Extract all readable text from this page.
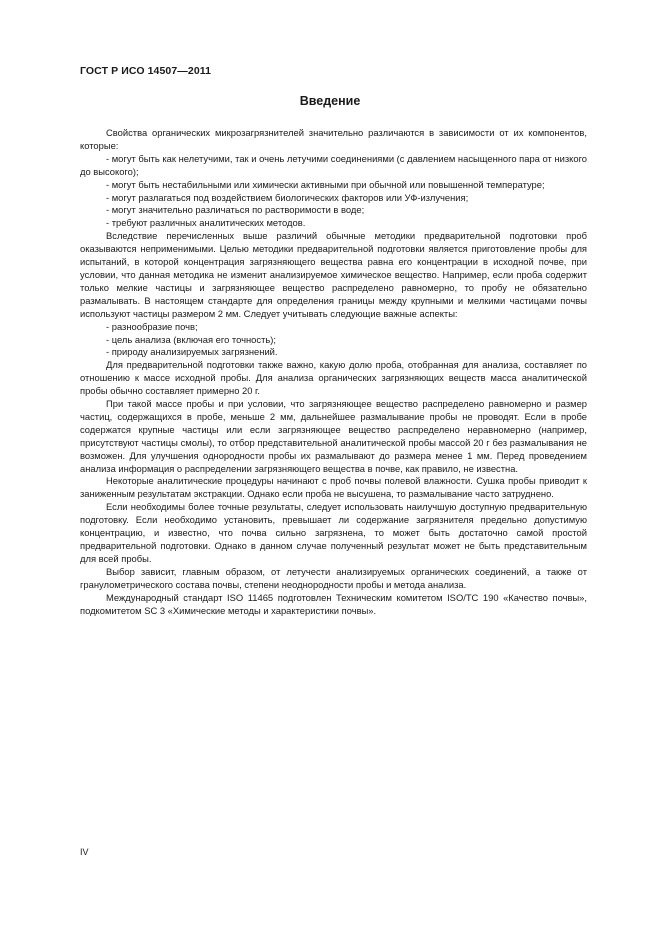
ГОСТ Р ИСО 14507—2011
Введение

Свойства органических микрозагрязнителей значительно различаются в зависимости от их компонентов, которые:

- могут быть как нелетучими, так и очень летучими соединениями (с давлением насыщенного пара от низкого до высокого);
- могут быть нестабильными или химически активными при обычной или повышенной температуре;
- могут разлагаться под воздействием биологических факторов или УФ-излучения;
- могут значительно различаться по растворимости в воде;
- требуют различных аналитических методов.

Вследствие перечисленных выше различий обычные методики предварительной подготовки проб оказываются неприменимыми. Целью методики предварительной подготовки является приготовление пробы для испытаний, в которой концентрация загрязняющего вещества равна его концентрации в исходной почве, при условии, что данная методика не изменит анализируемое химическое вещество. Например, если проба содержит только мелкие частицы и загрязняющее вещество распределено равномерно, то пробу не обязательно размалывать. В настоящем стандарте для определения границы между крупными и мелкими частицами почвы используют частицы размером 2 мм. Следует учитывать следующие важные аспекты:

- разнообразие почв;
- цель анализа (включая его точность);
- природу анализируемых загрязнений.

Для предварительной подготовки также важно, какую долю проба, отобранная для анализа, составляет по отношению к массе исходной пробы. Для анализа органических загрязняющих веществ масса аналитической пробы обычно составляет примерно 20 г.

При такой массе пробы и при условии, что загрязняющее вещество распределено равномерно и размер частиц, содержащихся в пробе, меньше 2 мм, дальнейшее размалывание пробы не проводят. Если в пробе содержатся крупные частицы или если загрязняющее вещество распределено неравномерно (например, присутствуют частицы смолы), то отбор представительной аналитической пробы массой 20 г без размалывания не возможен. Для улучшения однородности пробы их размалывают до размера менее 1 мм. Перед проведением анализа информация о распределении загрязняющего вещества в почве, как правило, не известна.

Некоторые аналитические процедуры начинают с проб почвы полевой влажности. Сушка пробы приводит к заниженным результатам экстракции. Однако если проба не высушена, то размалывание часто затруднено.

Если необходимы более точные результаты, следует использовать наилучшую доступную предварительную подготовку. Если необходимо установить, превышает ли содержание загрязнителя предельно допустимую концентрацию, и известно, что почва сильно загрязнена, то может быть достаточно самой простой предварительной подготовки. Однако в данном случае полученный результат может не быть представительным для всей пробы.

Выбор зависит, главным образом, от летучести анализируемых органических соединений, а также от гранулометрического состава почвы, степени неоднородности пробы и метода анализа.

Международный стандарт ISO 11465 подготовлен Техническим комитетом ISO/TC 190 «Качество почвы», подкомитетом SC 3 «Химические методы и характеристики почвы».

IV
